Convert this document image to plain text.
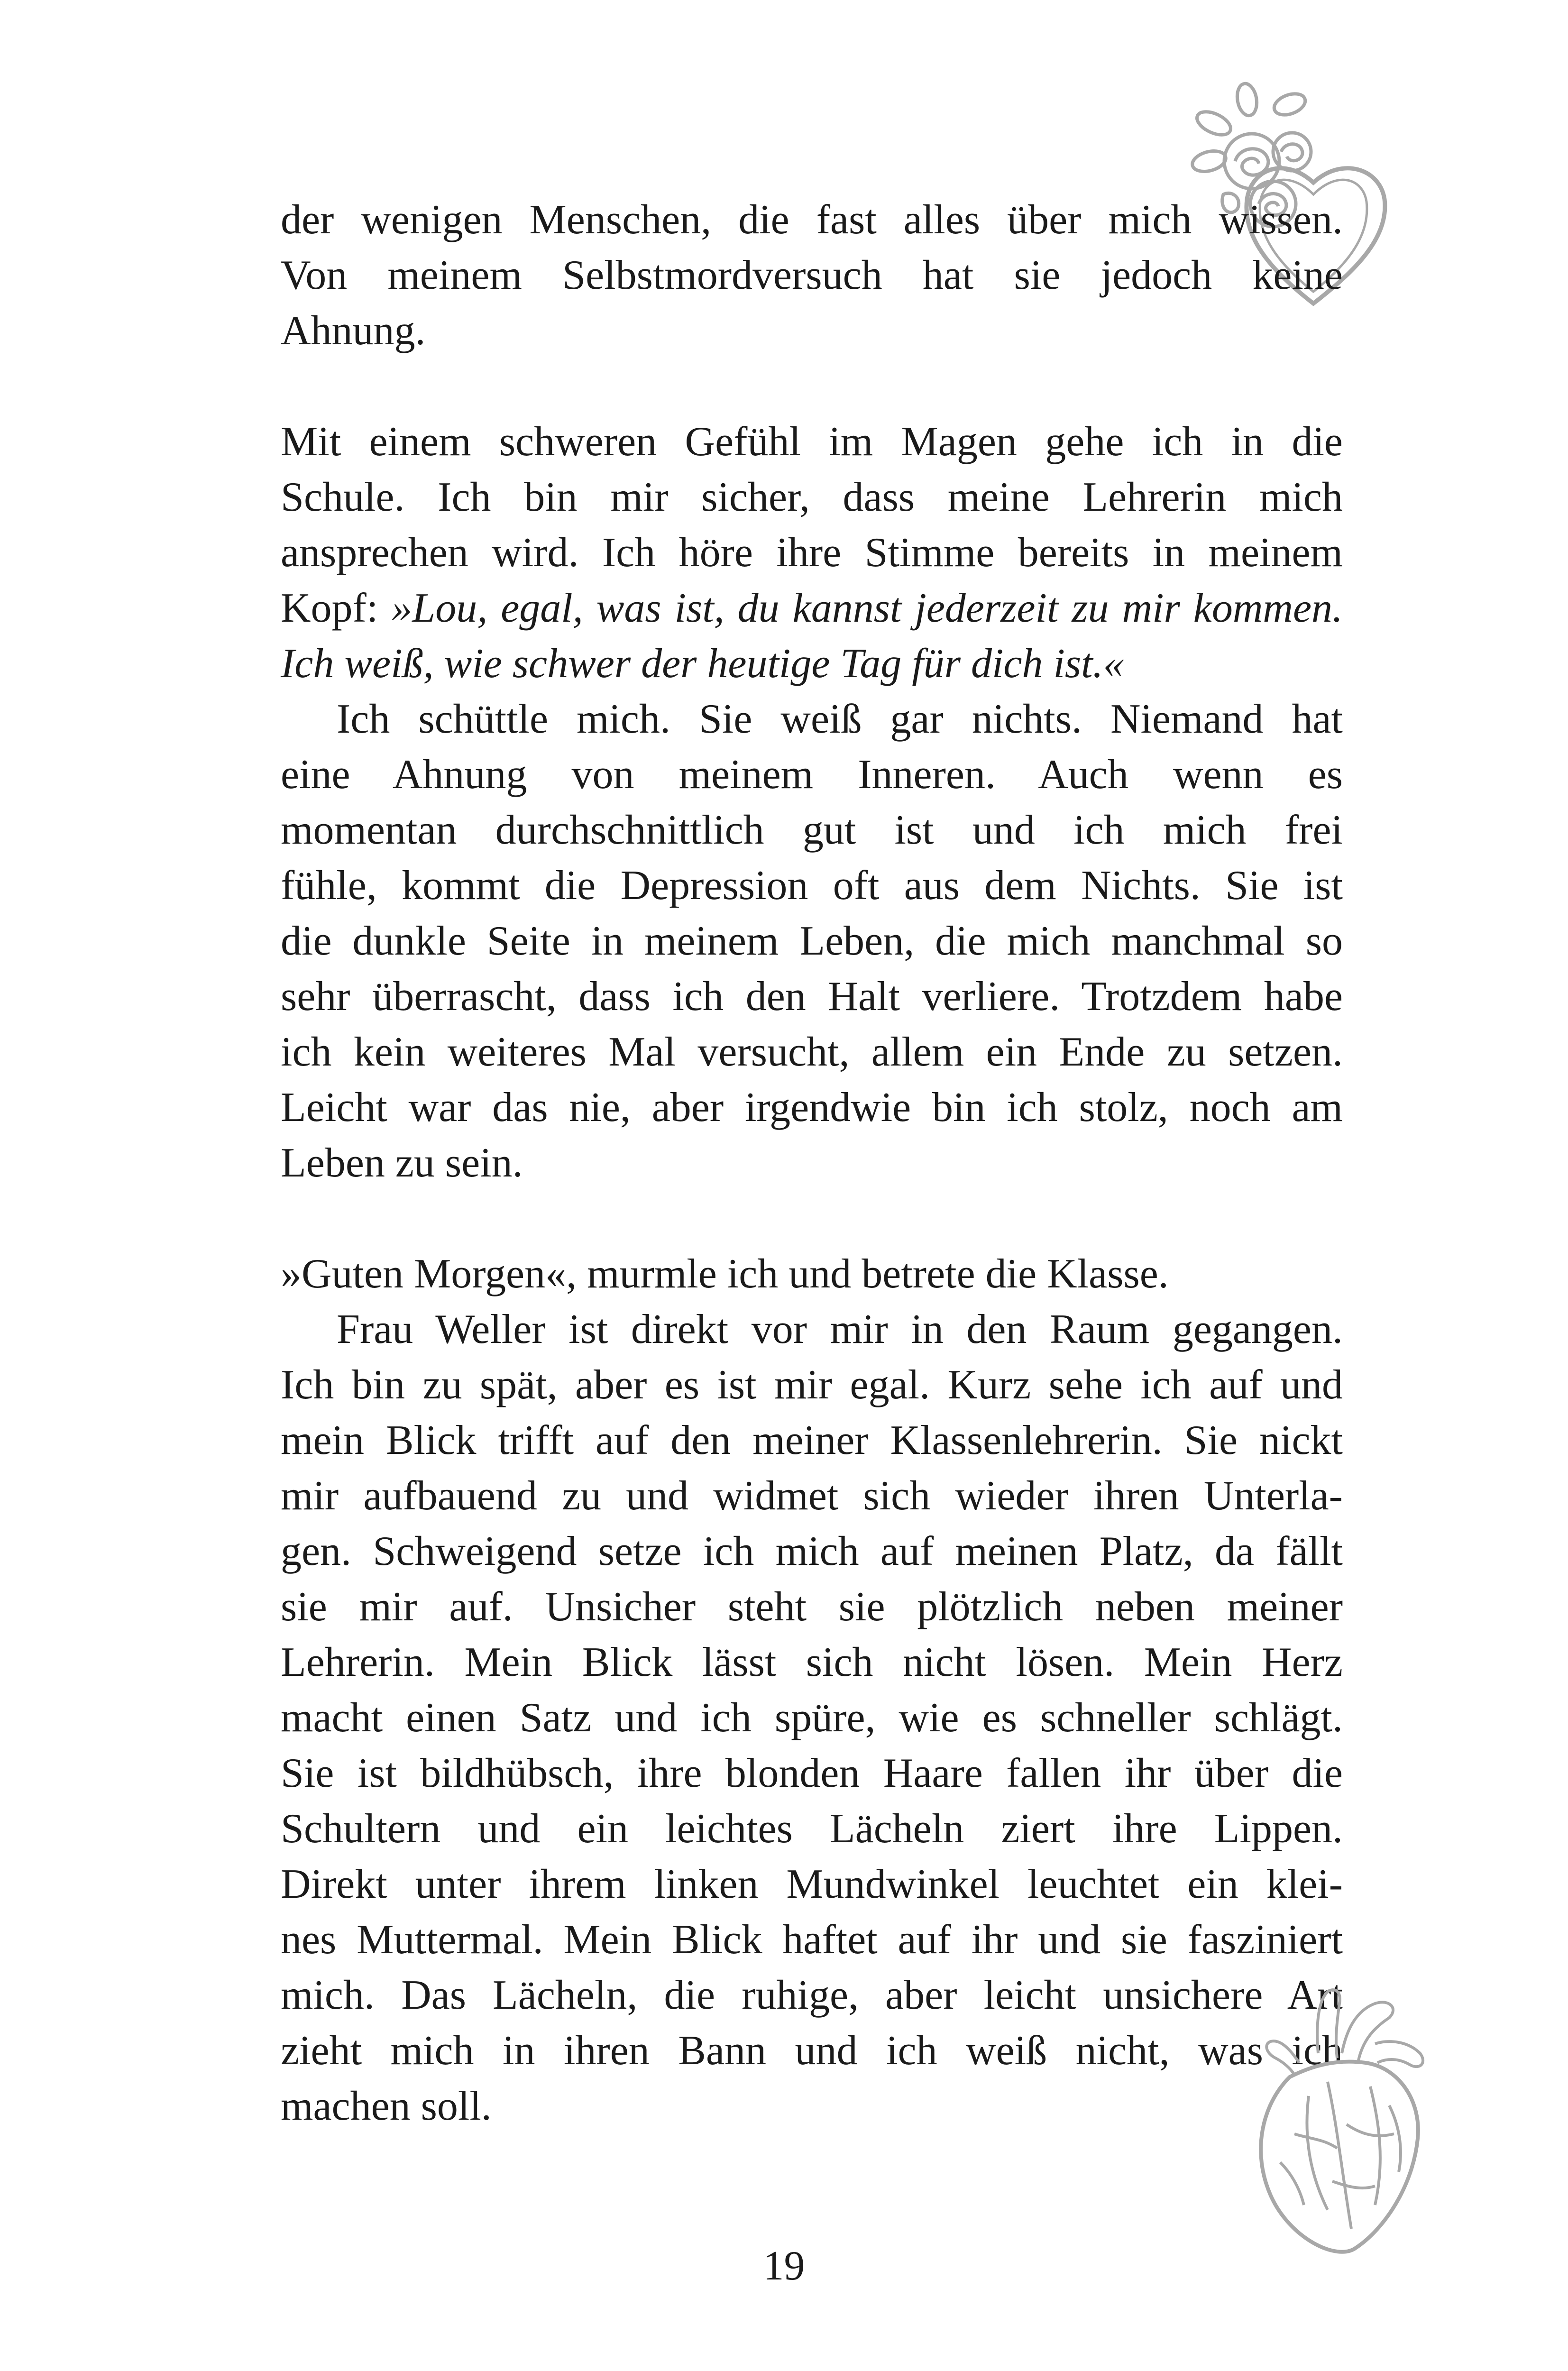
der wenigen Menschen, die fast alles über mich wissen.
Von meinem Selbstmordversuch hat sie jedoch keine
Ahnung.
Mit einem schweren Gefühl im Magen gehe ich in die
Schule. Ich bin mir sicher, dass meine Lehrerin mich
ansprechen wird. Ich höre ihre Stimme bereits in meinem
Kopf: »Lou, egal, was ist, du kannst jederzeit zu mir kommen.
Ich weiß, wie schwer der heutige Tag für dich ist.«
Ich schüttle mich. Sie weiß gar nichts. Niemand hat
eine Ahnung von meinem Inneren. Auch wenn es
momentan durchschnittlich gut ist und ich mich frei
fühle, kommt die Depression oft aus dem Nichts. Sie ist
die dunkle Seite in meinem Leben, die mich manchmal so
sehr überrascht, dass ich den Halt verliere. Trotzdem habe
ich kein weiteres Mal versucht, allem ein Ende zu setzen.
Leicht war das nie, aber irgendwie bin ich stolz, noch am
Leben zu sein.
»Guten Morgen«, murmle ich und betrete die Klasse.
Frau Weller ist direkt vor mir in den Raum gegangen.
Ich bin zu spät, aber es ist mir egal. Kurz sehe ich auf und
mein Blick trifft auf den meiner Klassenlehrerin. Sie nickt
mir aufbauend zu und widmet sich wieder ihren Unterla-
gen. Schweigend setze ich mich auf meinen Platz, da fällt
sie mir auf. Unsicher steht sie plötzlich neben meiner
Lehrerin. Mein Blick lässt sich nicht lösen. Mein Herz
macht einen Satz und ich spüre, wie es schneller schlägt.
Sie ist bildhübsch, ihre blonden Haare fallen ihr über die
Schultern und ein leichtes Lächeln ziert ihre Lippen.
Direkt unter ihrem linken Mundwinkel leuchtet ein klei-
nes Muttermal. Mein Blick haftet auf ihr und sie fasziniert
mich. Das Lächeln, die ruhige, aber leicht unsichere Art
zieht mich in ihren Bann und ich weiß nicht, was ich
machen soll.
19
